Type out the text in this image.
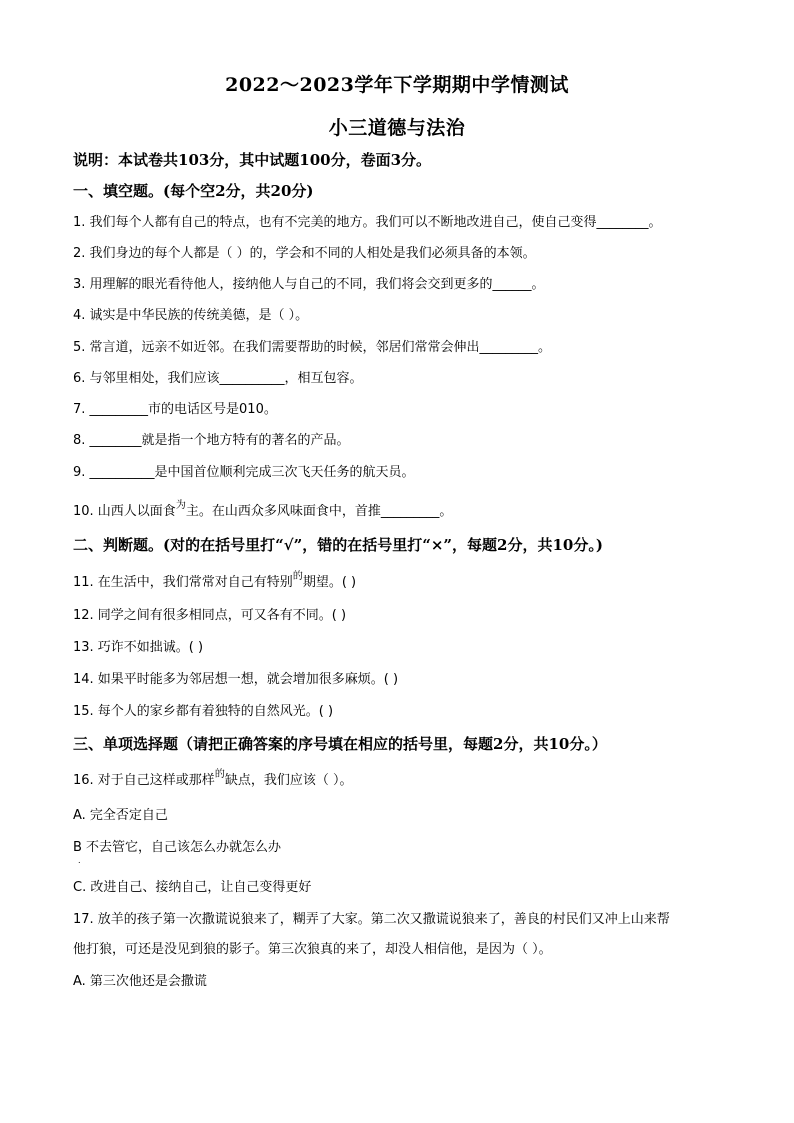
2022～2023学年下学期期中学情测试
小三道德与法治
说明：本试卷共103分，其中试题100分，卷面3分。
一、填空题。(每个空2分，共20分)
1. 我们每个人都有自己的特点，也有不完美的地方。我们可以不断地改进自己，使自己变得________。
2. 我们身边的每个人都是（ ）的，学会和不同的人相处是我们必须具备的本领。
3. 用理解的眼光看待他人，接纳他人与自己的不同，我们将会交到更多的______。
4. 诚实是中华民族的传统美德，是（ ）。
5. 常言道，远亲不如近邻。在我们需要帮助的时候，邻居们常常会伸出_________。
6. 与邻里相处，我们应该__________，相互包容。
7. _________市的电话区号是010。
8. ________就是指一个地方特有的著名的产品。
9. __________是中国首位顺利完成三次飞天任务的航天员。
10. 山西人以面食$^为$主。在山西众多风味面食中，首推_________。
二、判断题。(对的在括号里打“√”，错的在括号里打“×”，每题2分，共10分。)
11. 在生活中，我们常常对自己有特别$^的$期望。( )
12. 同学之间有很多相同点，可又各有不同。( )
13. 巧诈不如拙诚。( )
14. 如果平时能多为邻居想一想，就会增加很多麻烦。( )
15. 每个人的家乡都有着独特的自然风光。( )
三、单项选择题（请把正确答案的序号填在相应的括号里，每题2分，共10分。）
16. 对于自己这样或那样$^的$缺点，我们应该（ ）。
A. 完全否定自己
B 不去管它，自己该怎么办就怎么办
.
C. 改进自己、接纳自己，让自己变得更好
17. 放羊的孩子第一次撒谎说狼来了，糊弄了大家。第二次又撒谎说狼来了，善良的村民们又冲上山来帮
他打狼，可还是没见到狼的影子。第三次狼真的来了，却没人相信他，是因为（ ）。
A. 第三次他还是会撒谎
